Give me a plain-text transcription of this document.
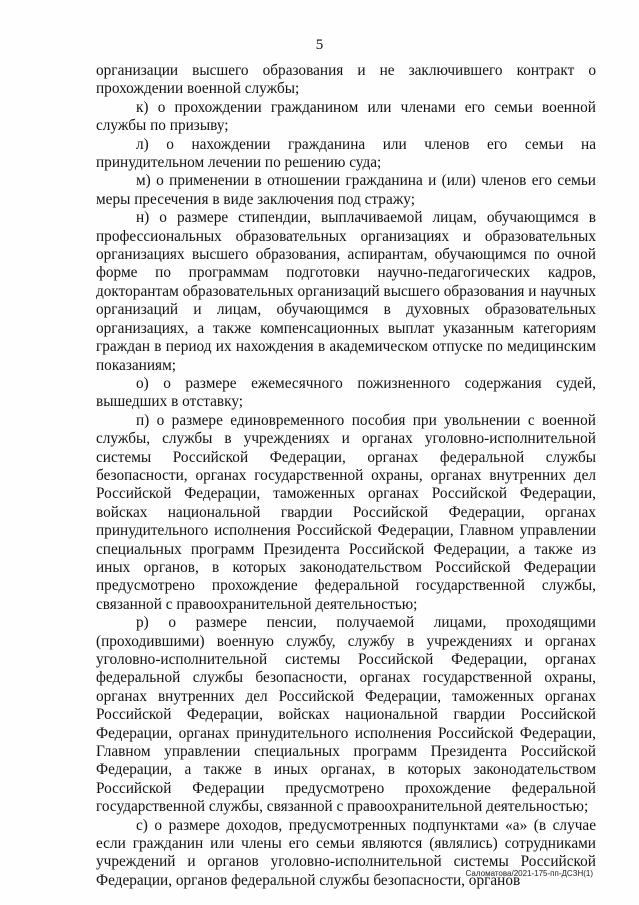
5

организации высшего образования и не заключившего контракт о прохождении военной службы;

к) о прохождении гражданином или членами его семьи военной службы по призыву;

л) о нахождении гражданина или членов его семьи на принудительном лечении по решению суда;

м) о применении в отношении гражданина и (или) членов его семьи меры пресечения в виде заключения под стражу;

н) о размере стипендии, выплачиваемой лицам, обучающимся в профессиональных образовательных организациях и образовательных организациях высшего образования, аспирантам, обучающимся по очной форме по программам подготовки научно-педагогических кадров, докторантам образовательных организаций высшего образования и научных организаций и лицам, обучающимся в духовных образовательных организациях, а также компенсационных выплат указанным категориям граждан в период их нахождения в академическом отпуске по медицинским показаниям;

о) о размере ежемесячного пожизненного содержания судей, вышедших в отставку;

п) о размере единовременного пособия при увольнении с военной службы, службы в учреждениях и органах уголовно-исполнительной системы Российской Федерации, органах федеральной службы безопасности, органах государственной охраны, органах внутренних дел Российской Федерации, таможенных органах Российской Федерации, войсках национальной гвардии Российской Федерации, органах принудительного исполнения Российской Федерации, Главном управлении специальных программ Президента Российской Федерации, а также из иных органов, в которых законодательством Российской Федерации предусмотрено прохождение федеральной государственной службы, связанной с правоохранительной деятельностью;

р) о размере пенсии, получаемой лицами, проходящими (проходившими) военную службу, службу в учреждениях и органах уголовно-исполнительной системы Российской Федерации, органах федеральной службы безопасности, органах государственной охраны, органах внутренних дел Российской Федерации, таможенных органах Российской Федерации, войсках национальной гвардии Российской Федерации, органах принудительного исполнения Российской Федерации, Главном управлении специальных программ Президента Российской Федерации, а также в иных органах, в которых законодательством Российской Федерации предусмотрено прохождение федеральной государственной службы, связанной с правоохранительной деятельностью;

с) о размере доходов, предусмотренных подпунктами «а» (в случае если гражданин или члены его семьи являются (являлись) сотрудниками учреждений и органов уголовно-исполнительной системы Российской Федерации, органов федеральной службы безопасности, органов

Саломатова/2021-175-пп-ДСЗН(1)
